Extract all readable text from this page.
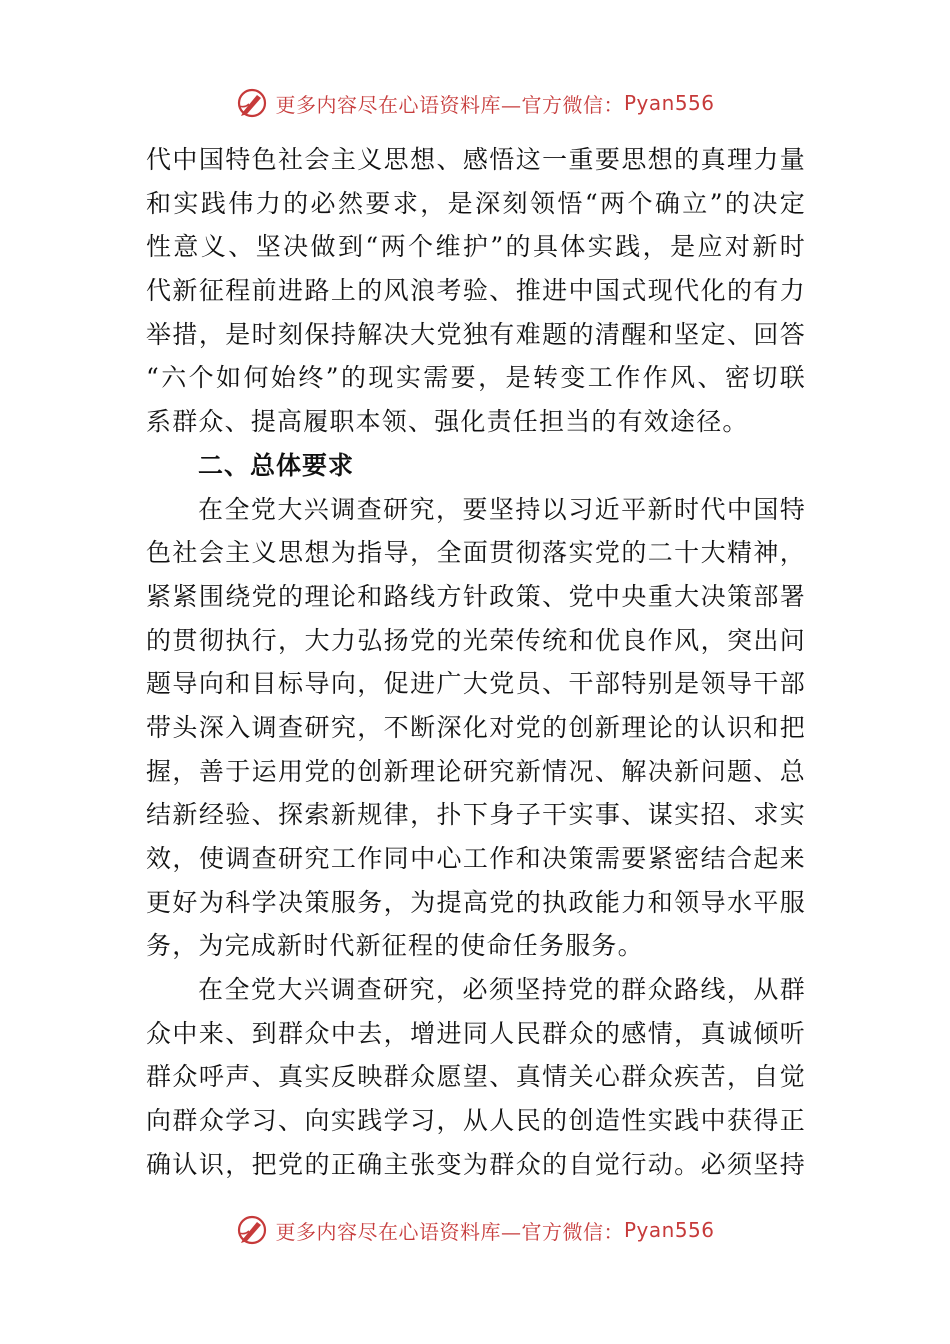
更多内容尽在心语资料库—官方微信： Pyan556
代中国特色社会主义思想、感悟这一重要思想的真理力量
和实践伟力的必然要求，是深刻领悟“两个确立”的决定
性意义、坚决做到“两个维护”的具体实践，是应对新时
代新征程前进路上的风浪考验、推进中国式现代化的有力
举措，是时刻保持解决大党独有难题的清醒和坚定、回答
“六个如何始终”的现实需要，是转变工作作风、密切联
系群众、提高履职本领、强化责任担当的有效途径。
二、总体要求
在全党大兴调查研究，要坚持以习近平新时代中国特
色社会主义思想为指导，全面贯彻落实党的二十大精神，
紧紧围绕党的理论和路线方针政策、党中央重大决策部署
的贯彻执行，大力弘扬党的光荣传统和优良作风，突出问
题导向和目标导向，促进广大党员、干部特别是领导干部
带头深入调查研究，不断深化对党的创新理论的认识和把
握，善于运用党的创新理论研究新情况、解决新问题、总
结新经验、探索新规律，扑下身子干实事、谋实招、求实
效，使调查研究工作同中心工作和决策需要紧密结合起来
更好为科学决策服务，为提高党的执政能力和领导水平服
务，为完成新时代新征程的使命任务服务。
在全党大兴调查研究，必须坚持党的群众路线，从群
众中来、到群众中去，增进同人民群众的感情，真诚倾听
群众呼声、真实反映群众愿望、真情关心群众疾苦，自觉
向群众学习、向实践学习，从人民的创造性实践中获得正
确认识，把党的正确主张变为群众的自觉行动。必须坚持
更多内容尽在心语资料库—官方微信： Pyan556
